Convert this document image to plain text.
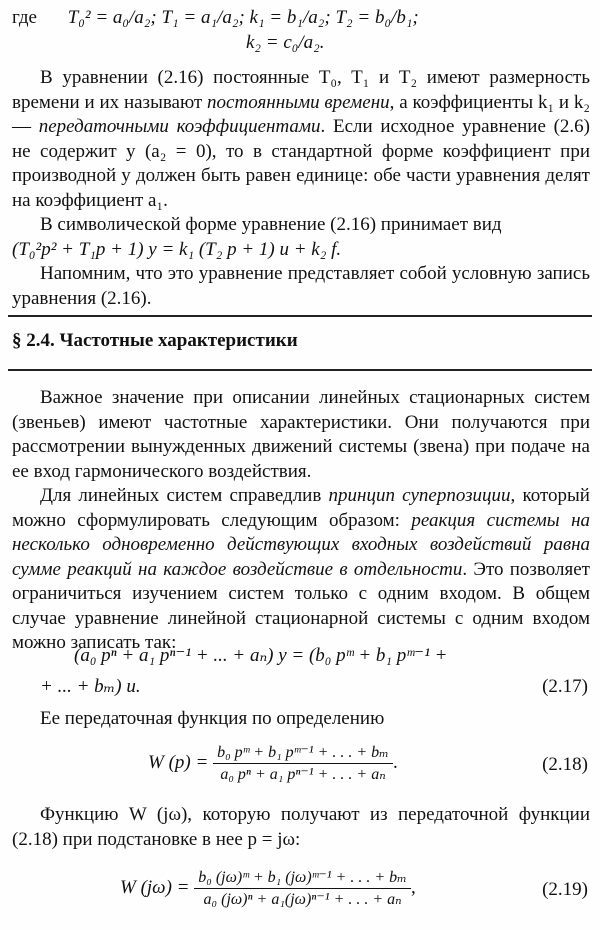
где T₀² = a₀/a₂; T₁ = a₁/a₂; k₁ = b₁/a₂; T₂ = b₀/b₁;
k₂ = c₀/a₂.

В уравнении (2.16) постоянные T₀, T₁ и T₂ имеют размерность времени и их называют постоянными времени, а коэффициенты k₁ и k₂ — передаточными коэффициентами. Если исходное уравнение (2.6) не содержит y (a₂ = 0), то в стандартной форме коэффициент при производной y должен быть равен единице: обе части уравнения делят на коэффициент a₁.

В символической форме уравнение (2.16) принимает вид

(T₀²p² + T₁p + 1) y = k₁ (T₂ p + 1) u + k₂ f.

Напомним, что это уравнение представляет собой условную запись уравнения (2.16).

§ 2.4. Частотные характеристики

Важное значение при описании линейных стационарных систем (звеньев) имеют частотные характеристики. Они получаются при рассмотрении вынужденных движений системы (звена) при подаче на ее вход гармонического воздействия.

Для линейных систем справедлив принцип суперпозиции, который можно сформулировать следующим образом: реакция системы на несколько одновременно действующих входных воздействий равна сумме реакций на каждое воздействие в отдельности. Это позволяет ограничиться изучением систем только с одним входом. В общем случае уравнение линейной стационарной системы с одним входом можно записать так:

(a₀ pⁿ + a₁ pⁿ⁻¹ + ... + aₙ) y = (b₀ pᵐ + b₁ pᵐ⁻¹ +
+ ... + bₘ) u.	(2.17)

Ее передаточная функция по определению

W $(p) = \frac{\text{b₀ pᵐ + b₁ pᵐ⁻¹ + . . . + bₘ}}{\text{a₀ pⁿ + a₁ pⁿ⁻¹ + . . . + aₙ}}$ .	(2.18)

Функцию W (jω), которую получают из передаточной функции (2.18) при подстановке в нее p = jω:

W $(j\omega) = \frac{\text{b₀ (jω)ᵐ + b₁ (jω)ᵐ⁻¹ + . . . + bₘ}}{\text{a₀ (jω)ⁿ + a₁(jω)ⁿ⁻¹ + . . . + aₙ}}$ ,	(2.19)
